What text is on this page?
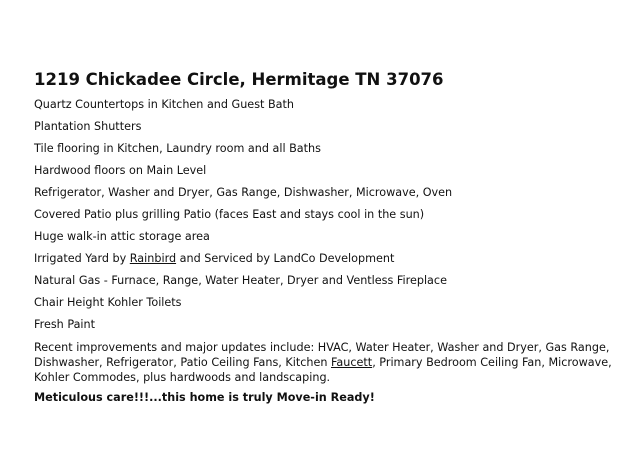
1219 Chickadee Circle, Hermitage TN 37076
Quartz Countertops in Kitchen and Guest Bath
Plantation Shutters
Tile flooring in Kitchen, Laundry room and all Baths
Hardwood floors on Main Level
Refrigerator, Washer and Dryer, Gas Range, Dishwasher, Microwave, Oven
Covered Patio plus grilling Patio (faces East and stays cool in the sun)
Huge walk-in attic storage area
Irrigated Yard by Rainbird and Serviced by LandCo Development
Natural Gas - Furnace, Range, Water Heater, Dryer and Ventless Fireplace
Chair Height Kohler Toilets
Fresh Paint
Recent improvements and major updates include: HVAC, Water Heater, Washer and Dryer, Gas Range, Dishwasher, Refrigerator, Patio Ceiling Fans, Kitchen Faucett, Primary Bedroom Ceiling Fan, Microwave, Kohler Commodes, plus hardwoods and landscaping.
Meticulous care!!!...this home is truly Move-in Ready!
